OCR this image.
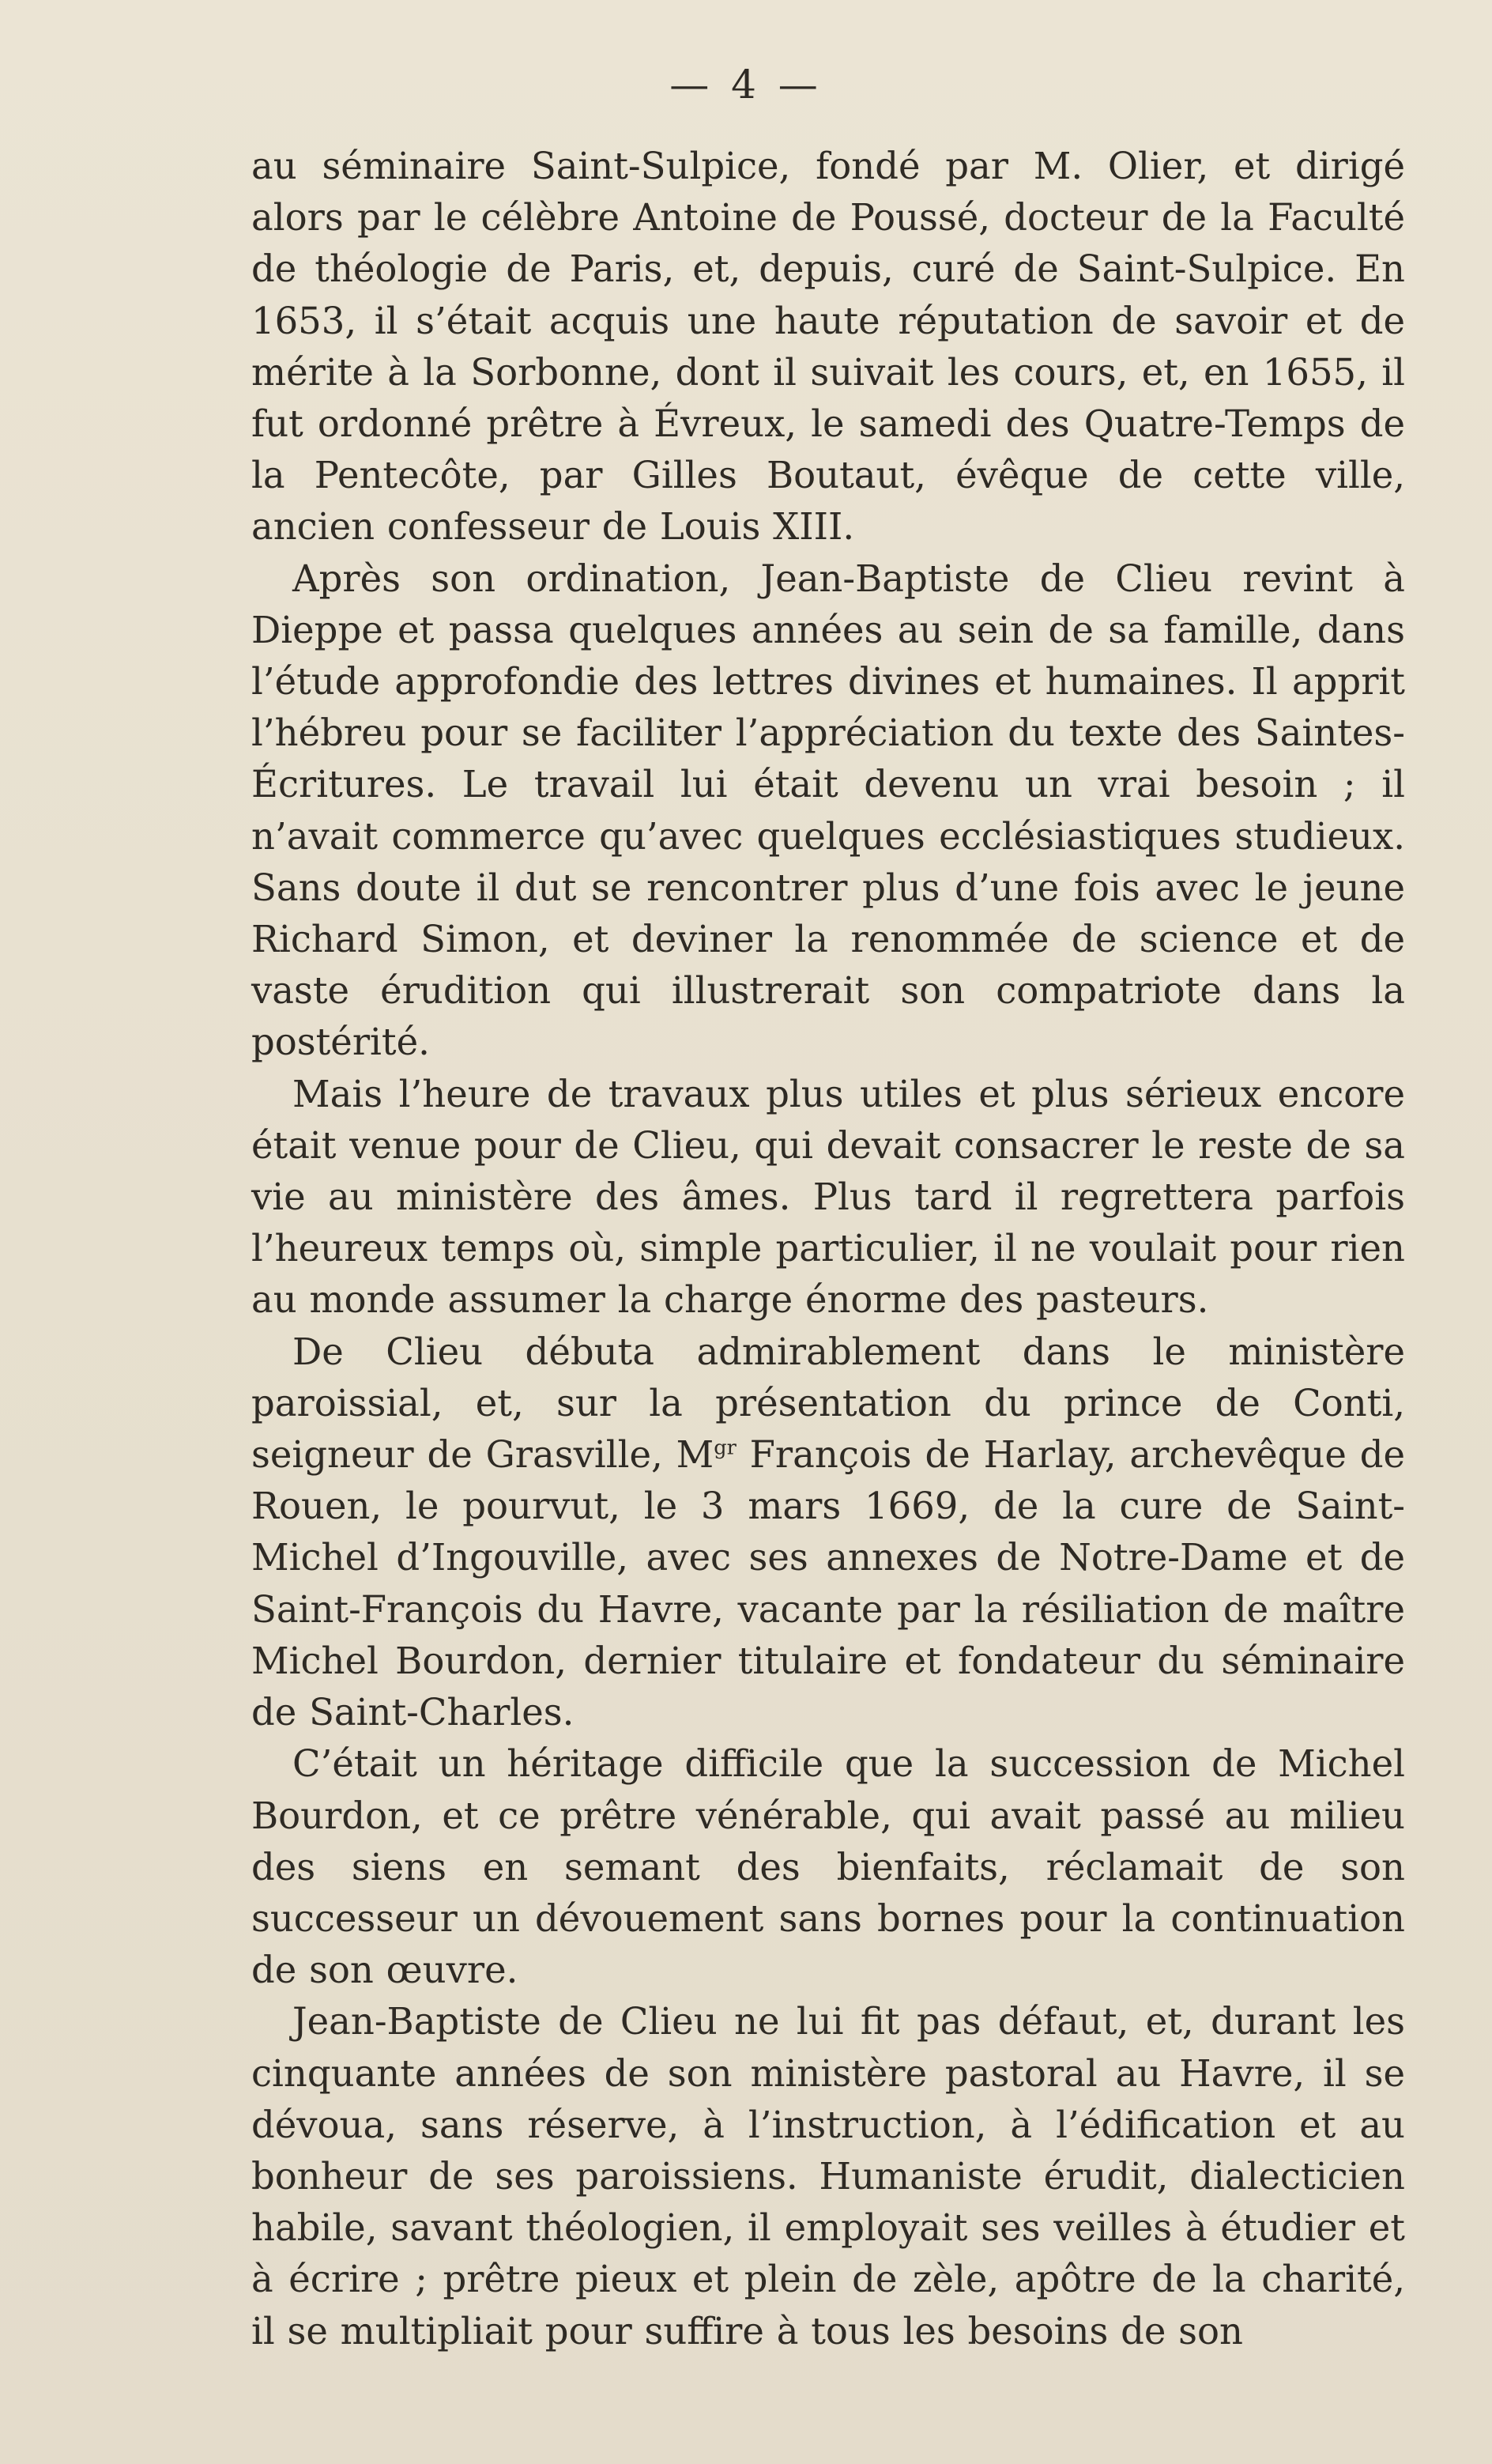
— 4 —

au séminaire Saint-Sulpice, fondé par M. Olier, et dirigé alors par le célèbre Antoine de Poussé, docteur de la Faculté de théologie de Paris, et, depuis, curé de Saint-Sulpice. En 1653, il s’était acquis une haute réputation de savoir et de mérite à la Sorbonne, dont il suivait les cours, et, en 1655, il fut ordonné prêtre à Évreux, le samedi des Quatre-Temps de la Pentecôte, par Gilles Boutaut, évêque de cette ville, ancien confesseur de Louis XIII.

Après son ordination, Jean-Baptiste de Clieu revint à Dieppe et passa quelques années au sein de sa famille, dans l’étude approfondie des lettres divines et humaines. Il apprit l’hébreu pour se faciliter l’appréciation du texte des Saintes-Écritures. Le travail lui était devenu un vrai besoin ; il n’avait commerce qu’avec quelques ecclésiastiques studieux. Sans doute il dut se rencontrer plus d’une fois avec le jeune Richard Simon, et deviner la renommée de science et de vaste érudition qui illustrerait son compatriote dans la postérité.

Mais l’heure de travaux plus utiles et plus sérieux encore était venue pour de Clieu, qui devait consacrer le reste de sa vie au ministère des âmes. Plus tard il regrettera parfois l’heureux temps où, simple particulier, il ne voulait pour rien au monde assumer la charge énorme des pasteurs.

De Clieu débuta admirablement dans le ministère paroissial, et, sur la présentation du prince de Conti, seigneur de Grasville, $M^{gr}$ François de Harlay, archevêque de Rouen, le pourvut, le 3 mars 1669, de la cure de Saint-Michel d’Ingouville, avec ses annexes de Notre-Dame et de Saint-François du Havre, vacante par la résiliation de maître Michel Bourdon, dernier titulaire et fondateur du séminaire de Saint-Charles.

C’était un héritage difficile que la succession de Michel Bourdon, et ce prêtre vénérable, qui avait passé au milieu des siens en semant des bienfaits, réclamait de son successeur un dévouement sans bornes pour la continuation de son œuvre.

Jean-Baptiste de Clieu ne lui fit pas défaut, et, durant les cinquante années de son ministère pastoral au Havre, il se dévoua, sans réserve, à l’instruction, à l’édification et au bonheur de ses paroissiens. Humaniste érudit, dialecticien habile, savant théologien, il employait ses veilles à étudier et à écrire ; prêtre pieux et plein de zèle, apôtre de la charité, il se multipliait pour suffire à tous les besoins de son
